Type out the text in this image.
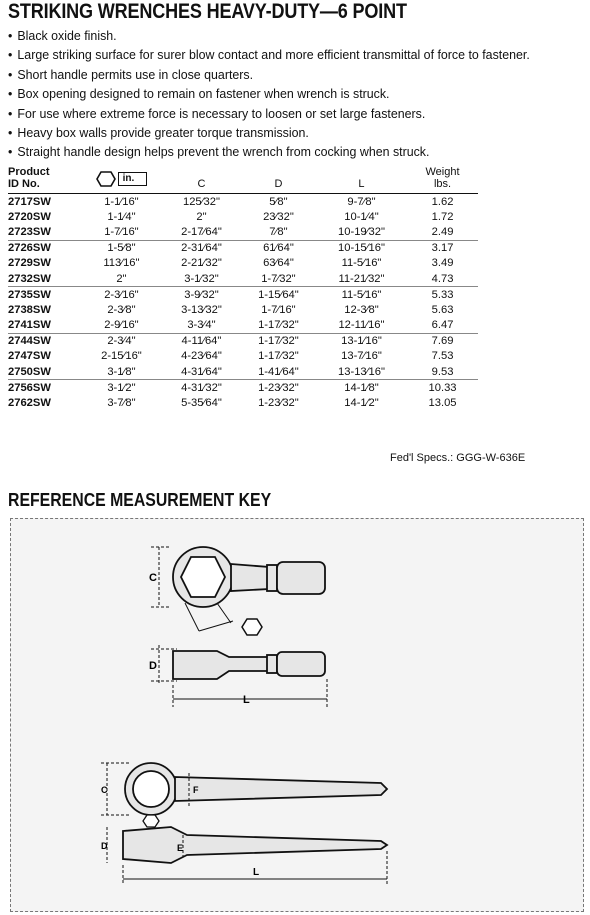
STRIKING WRENCHES HEAVY-DUTY—6 POINT
• Black oxide finish.
• Large striking surface for surer blow contact and more efficient transmittal of force to fastener.
• Short handle permits use in close quarters.
• Box opening designed to remain on fastener when wrench is struck.
• For use where extreme force is necessary to loosen or set large fasteners.
• Heavy box walls provide greater torque transmission.
• Straight handle design helps prevent the wrench from cocking when struck.
Product
ID No.	in.	C	D	L	Weight
lbs.
2717SW	1-1⁄16"	125⁄32"	5⁄8"	9-7⁄8"	1.62
2720SW	1-1⁄4"	2"	23⁄32"	10-1⁄4"	1.72
2723SW	1-7⁄16"	2-17⁄64"	7⁄8"	10-19⁄32"	2.49
2726SW	1-5⁄8"	2-31⁄64"	61⁄64"	10-15⁄16"	3.17
2729SW	113⁄16"	2-21⁄32"	63⁄64"	11-5⁄16"	3.49
2732SW	2"	3-1⁄32"	1-7⁄32"	11-21⁄32"	4.73
2735SW	2-3⁄16"	3-9⁄32"	1-15⁄64"	11-5⁄16"	5.33
2738SW	2-3⁄8"	3-13⁄32"	1-7⁄16"	12-3⁄8"	5.63
2741SW	2-9⁄16"	3-3⁄4"	1-17⁄32"	12-11⁄16"	6.47
2744SW	2-3⁄4"	4-11⁄64"	1-17⁄32"	13-1⁄16"	7.69
2747SW	2-15⁄16"	4-23⁄64"	1-17⁄32"	13-7⁄16"	7.53
2750SW	3-1⁄8"	4-31⁄64"	1-41⁄64"	13-13⁄16"	9.53
2756SW	3-1⁄2"	4-31⁄32"	1-23⁄32"	14-1⁄8"	10.33
2762SW	3-7⁄8"	5-35⁄64"	1-23⁄32"	14-1⁄2"	13.05
Fed'l Specs.: GGG-W-636E
REFERENCE MEASUREMENT KEY
C
D
L
C	F
D	E
L
